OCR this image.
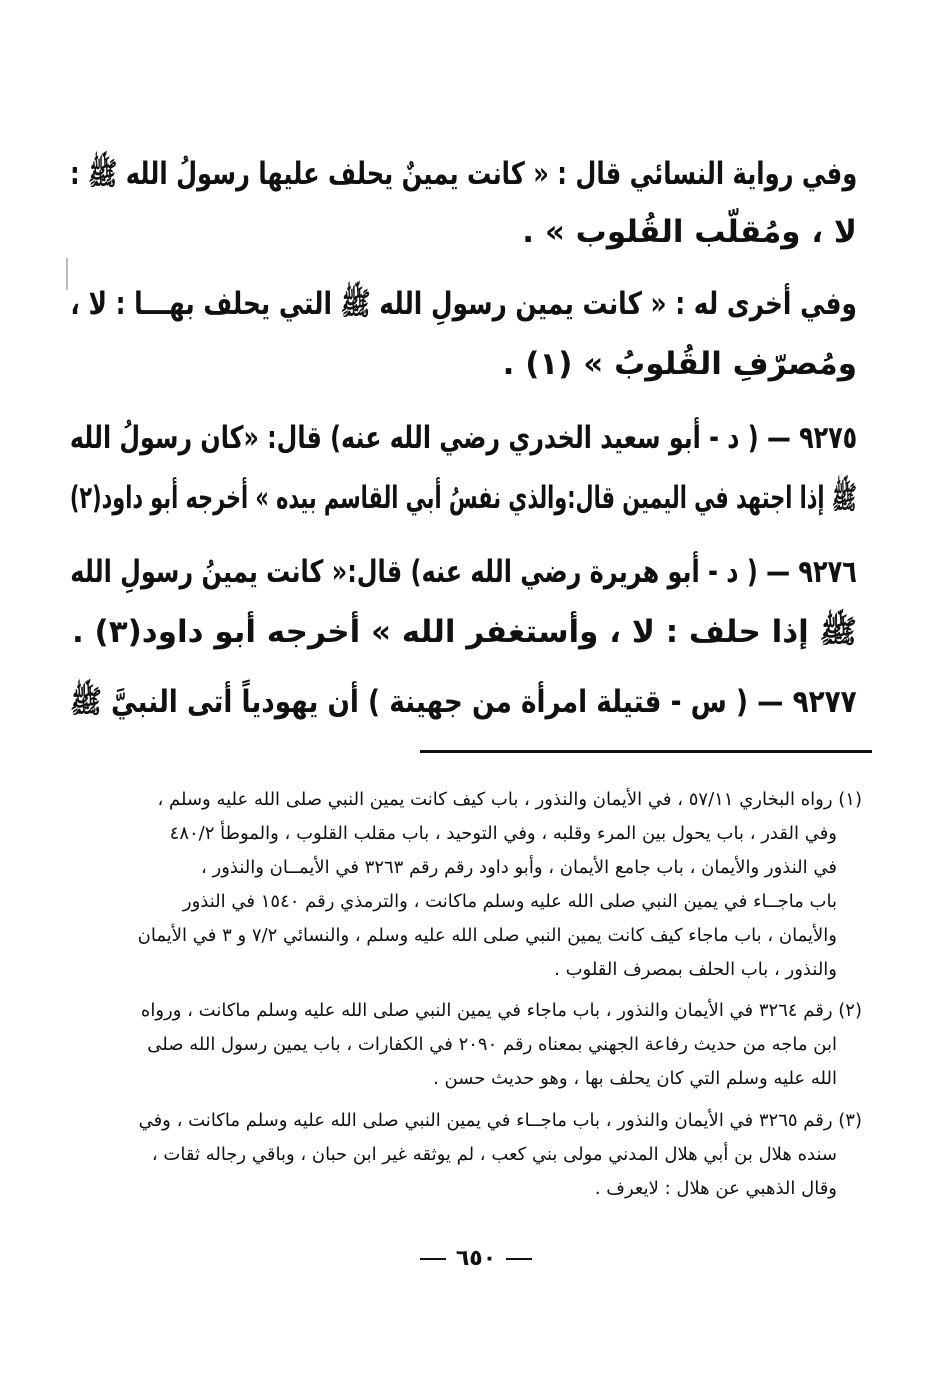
وفي رواية النسائي قال : « كانت يمينٌ يحلف عليها رسولُ الله ﷺ :
لا ، ومُقلّب القُلوب » .
وفي أخرى له : « كانت يمين رسولِ الله ﷺ التي يحلف بهـــا : لا ،
ومُصرّفِ القُلوبُ » (١) .
٩٢٧٥ — ( د - أبو سعيد الخدري رضي الله عنه) قال: «كان رسولُ الله
ﷺ إذا اجتهد في اليمين قال:والذي نفسُ أبي القاسم بيده » أخرجه أبو داود(٢)
٩٢٧٦ — ( د - أبو هريرة رضي الله عنه) قال:« كانت يمينُ رسولِ الله
ﷺ إذا حلف : لا ، وأستغفر الله » أخرجه أبو داود(٣) .
٩٢٧٧ — ( س - قتيلة امرأة من جهينة ) أن يهودياً أتى النبيَّ ﷺ
(١) رواه البخاري ٥٧/١١ ، في الأيمان والنذور ، باب كيف كانت يمين النبي صلى الله عليه وسلم ،
وفي القدر ، باب يحول بين المرء وقلبه ، وفي التوحيد ، باب مقلب القلوب ، والموطأ ٤٨٠/٢
في النذور والأيمان ، باب جامع الأيمان ، وأبو داود رقم رقم ٣٢٦٣ في الأيمــان والنذور ،
باب ماجــاء في يمين النبي صلى الله عليه وسلم ماكانت ، والترمذي رقم ١٥٤٠ في النذور
والأيمان ، باب ماجاء كيف كانت يمين النبي صلى الله عليه وسلم ، والنسائي ٧/٢ و ٣ في الأيمان
والنذور ، باب الحلف بمصرف القلوب .
(٢) رقم ٣٢٦٤ في الأيمان والنذور ، باب ماجاء في يمين النبي صلى الله عليه وسلم ماكانت ، ورواه
ابن ماجه من حديث رفاعة الجهني بمعناه رقم ٢٠٩٠ في الكفارات ، باب يمين رسول الله صلى
الله عليه وسلم التي كان يحلف بها ، وهو حديث حسن .
(٣) رقم ٣٢٦٥ في الأيمان والنذور ، باب ماجــاء في يمين النبي صلى الله عليه وسلم ماكانت ، وفي
سنده هلال بن أبي هلال المدني مولى بني كعب ، لم يوثقه غير ابن حبان ، وباقي رجاله ثقات ،
وقال الذهبي عن هلال : لايعرف .
٦٥٠
